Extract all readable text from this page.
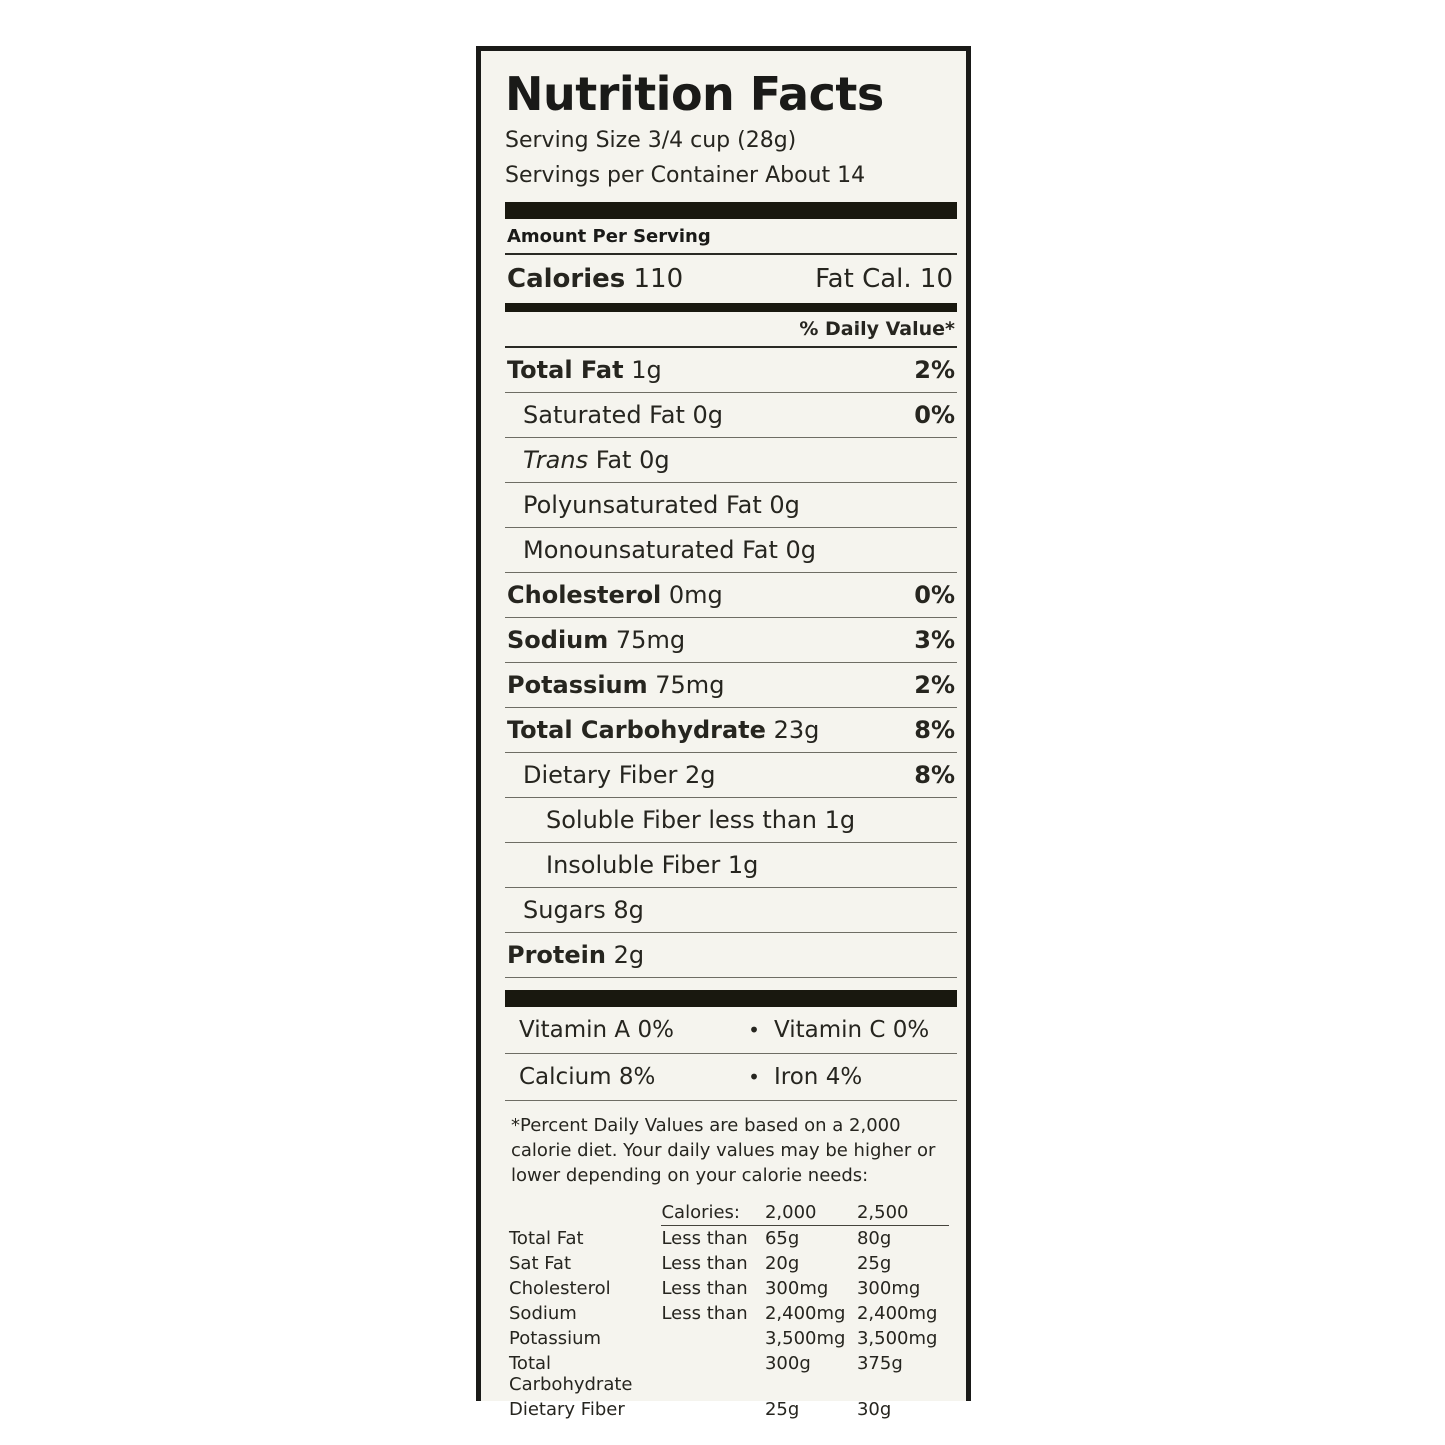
Nutrition Facts
Serving Size 3/4 cup (28g)
Servings per Container About 14
Amount Per Serving
Calories 110	Fat Cal. 10
% Daily Value*
Total Fat 1g	2%
Saturated Fat 0g	0%
Trans Fat 0g
Polyunsaturated Fat 0g
Monounsaturated Fat 0g
Cholesterol 0mg	0%
Sodium 75mg	3%
Potassium 75mg	2%
Total Carbohydrate 23g	8%
Dietary Fiber 2g	8%
Soluble Fiber less than 1g
Insoluble Fiber 1g
Sugars 8g
Protein 2g
Vitamin A 0%	• Vitamin C 0%
Calcium 8%	• Iron 4%
*Percent Daily Values are based on a 2,000
calorie diet. Your daily values may be higher or
lower depending on your calorie needs:
	Calories:	2,000	2,500
Total Fat	Less than	65g	80g
Sat Fat	Less than	20g	25g
Cholesterol	Less than	300mg	300mg
Sodium	Less than	2,400mg	2,400mg
Potassium		3,500mg	3,500mg
Total Carbohydrate		300g	375g
Dietary Fiber		25g	30g
